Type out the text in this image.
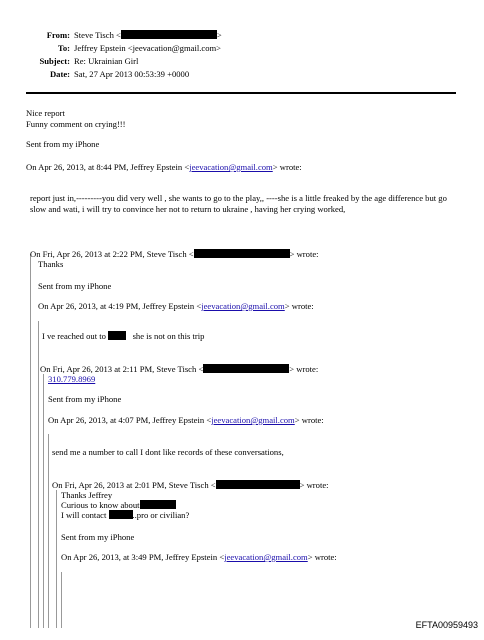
From: Steve Tisch <	>
To: Jeffrey Epstein <jeevacation@gmail.com>
Subject: Re: Ukrainian Girl
Date: Sat, 27 Apr 2013 00:53:39 +0000
Nice report
Funny comment on crying!!!
Sent from my iPhone
On Apr 26, 2013, at 8:44 PM, Jeffrey Epstein <jeevacation@gmail.com> wrote:
report just in,---------you did very well , she wants to go to the play,, ----she is a little freaked by the age difference but go slow and wati, i will try to convince her not to return to ukraine , having her crying worked,
On Fri, Apr 26, 2013 at 2:22 PM, Steve Tisch <	> wrote:
Thanks
Sent from my iPhone
On Apr 26, 2013, at 4:19 PM, Jeffrey Epstein <jeevacation@gmail.com> wrote:
I ve reached out to	she is not on this trip
On Fri, Apr 26, 2013 at 2:11 PM, Steve Tisch <	> wrote:
310.779.8969
Sent from my iPhone
On Apr 26, 2013, at 4:07 PM, Jeffrey Epstein <jeevacation@gmail.com> wrote:
send me a number to call I dont like records of these conversations,
On Fri, Apr 26, 2013 at 2:01 PM, Steve Tisch <	> wrote:
Thanks Jeffrey
Curious to know about
I will contact	..pro or civilian?
Sent from my iPhone
On Apr 26, 2013, at 3:49 PM, Jeffrey Epstein <jeevacation@gmail.com> wrote:
EFTA00959493
